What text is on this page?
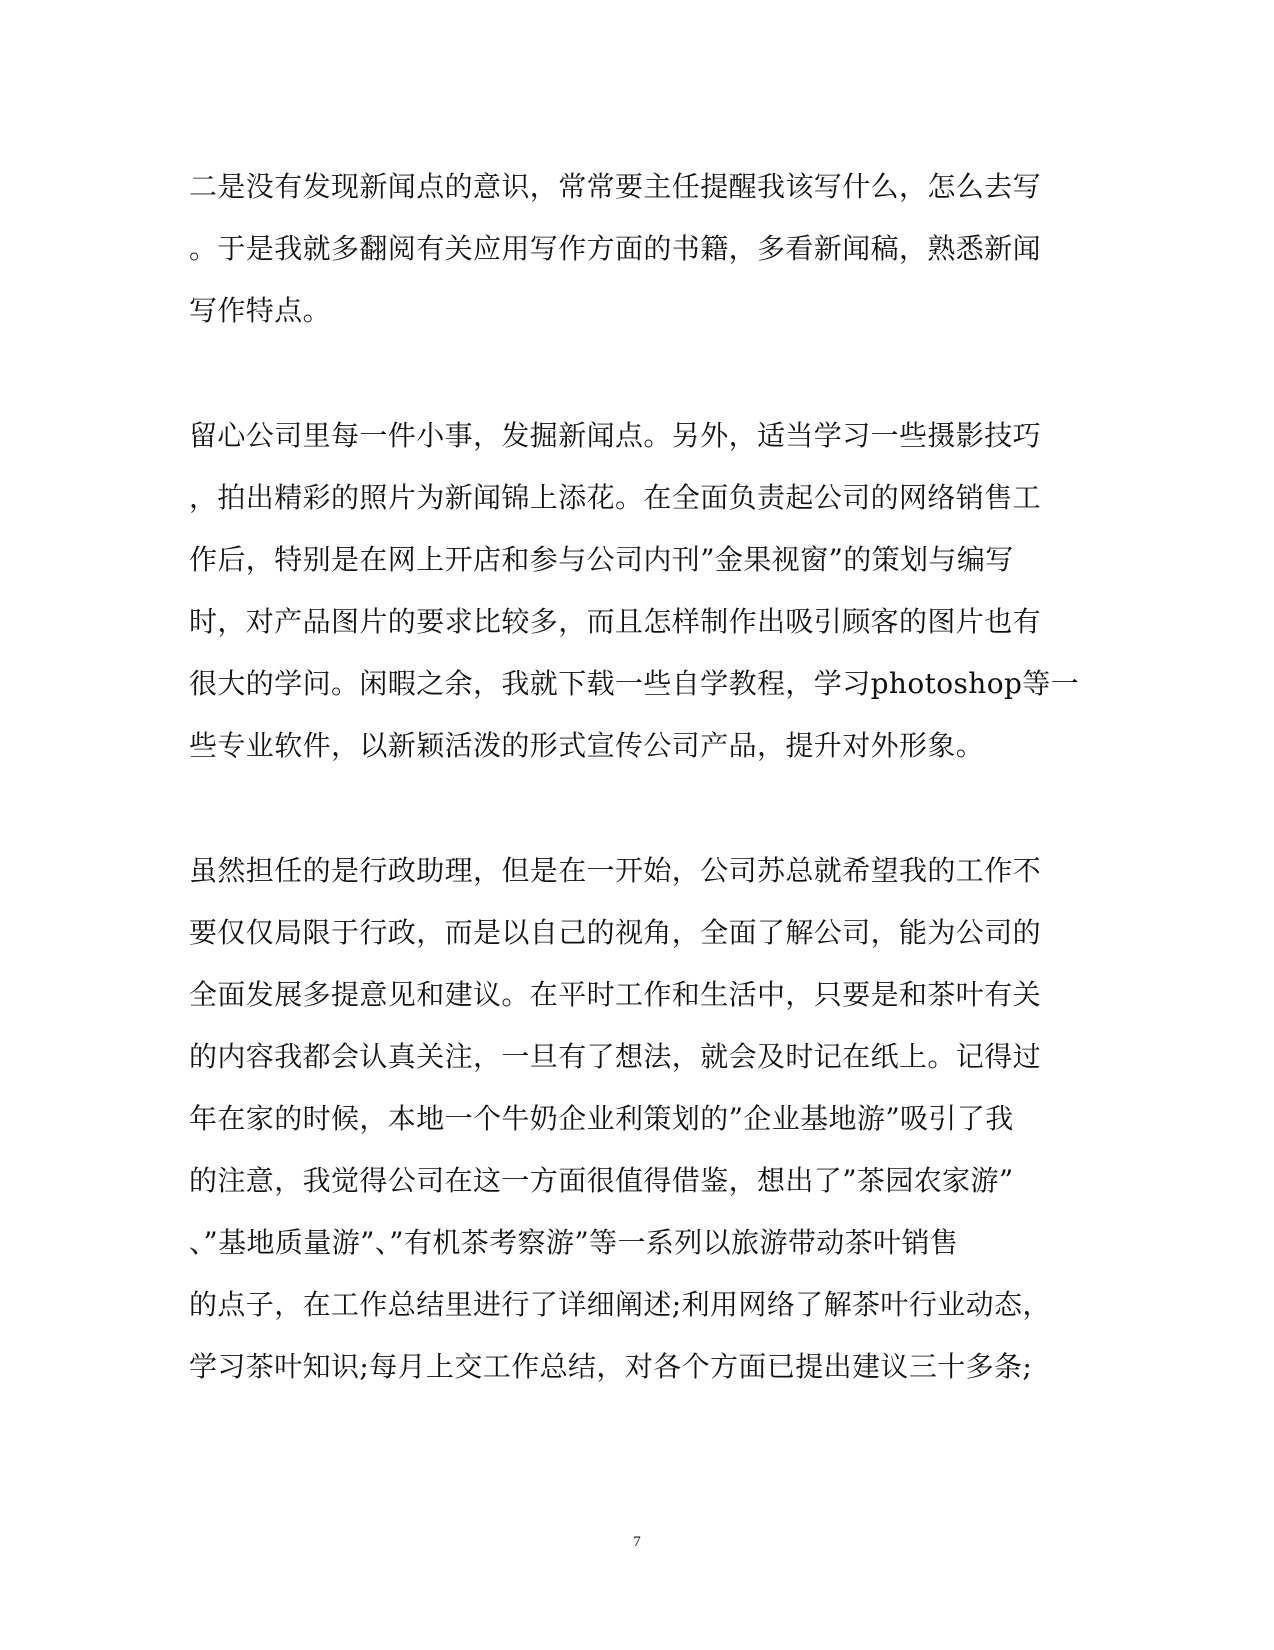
二是没有发现新闻点的意识，常常要主任提醒我该写什么，怎么去写
。于是我就多翻阅有关应用写作方面的书籍，多看新闻稿，熟悉新闻
写作特点。
留心公司里每一件小事，发掘新闻点。另外，适当学习一些摄影技巧
，拍出精彩的照片为新闻锦上添花。在全面负责起公司的网络销售工
作后，特别是在网上开店和参与公司内刊”金果视窗”的策划与编写
时，对产品图片的要求比较多，而且怎样制作出吸引顾客的图片也有
很大的学问。闲暇之余，我就下载一些自学教程，学习photoshop等一
些专业软件，以新颖活泼的形式宣传公司产品，提升对外形象。
虽然担任的是行政助理，但是在一开始，公司苏总就希望我的工作不
要仅仅局限于行政，而是以自己的视角，全面了解公司，能为公司的
全面发展多提意见和建议。在平时工作和生活中，只要是和茶叶有关
的内容我都会认真关注，一旦有了想法，就会及时记在纸上。记得过
年在家的时候，本地一个牛奶企业利策划的”企业基地游”吸引了我
的注意，我觉得公司在这一方面很值得借鉴，想出了”茶园农家游”
、”基地质量游”、”有机茶考察游”等一系列以旅游带动茶叶销售
的点子，在工作总结里进行了详细阐述;利用网络了解茶叶行业动态，
学习茶叶知识;每月上交工作总结，对各个方面已提出建议三十多条;
7
